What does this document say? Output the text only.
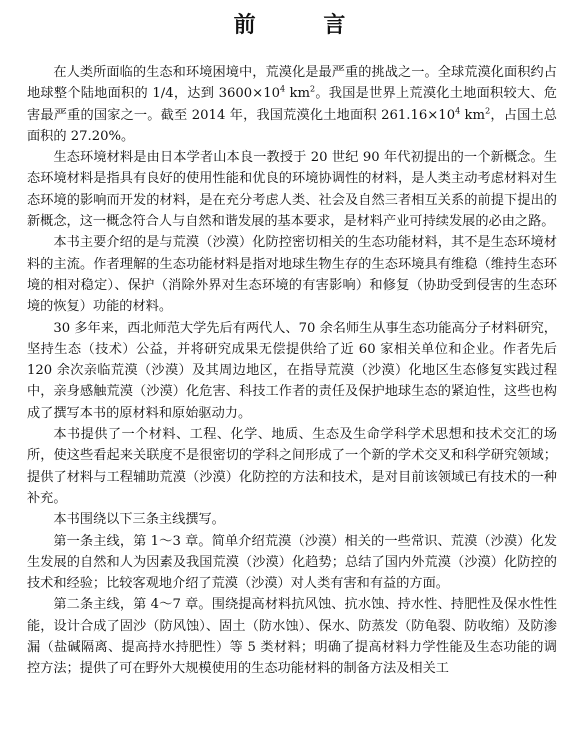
前 言

在人类所面临的生态和环境困境中，荒漠化是最严重的挑战之一。全球荒漠化面积约占地球整个陆地面积的 1/4，达到 $3600\times 10^4$ $km^2$。我国是世界上荒漠化土地面积较大、危害最严重的国家之一。截至 2014 年，我国荒漠化土地面积 $261.16\times 10^4$ $km^2$，占国土总面积的 27.20%。

生态环境材料是由日本学者山本良一教授于 20 世纪 90 年代初提出的一个新概念。生态环境材料是指具有良好的使用性能和优良的环境协调性的材料，是人类主动考虑材料对生态环境的影响而开发的材料，是在充分考虑人类、社会及自然三者相互关系的前提下提出的新概念，这一概念符合人与自然和谐发展的基本要求，是材料产业可持续发展的必由之路。

本书主要介绍的是与荒漠（沙漠）化防控密切相关的生态功能材料，其不是生态环境材料的主流。作者理解的生态功能材料是指对地球生物生存的生态环境具有维稳（维持生态环境的相对稳定）、保护（消除外界对生态环境的有害影响）和修复（协助受到侵害的生态环境的恢复）功能的材料。

30 多年来，西北师范大学先后有两代人、70 余名师生从事生态功能高分子材料研究，坚持生态（技术）公益，并将研究成果无偿提供给了近 60 家相关单位和企业。作者先后 120 余次亲临荒漠（沙漠）及其周边地区，在指导荒漠（沙漠）化地区生态修复实践过程中，亲身感触荒漠（沙漠）化危害、科技工作者的责任及保护地球生态的紧迫性，这些也构成了撰写本书的原材料和原始驱动力。

本书提供了一个材料、工程、化学、地质、生态及生命学科学术思想和技术交汇的场所，使这些看起来关联度不是很密切的学科之间形成了一个新的学术交叉和科学研究领域；提供了材料与工程辅助荒漠（沙漠）化防控的方法和技术，是对目前该领域已有技术的一种补充。

本书围绕以下三条主线撰写。

第一条主线，第 1～3 章。简单介绍荒漠（沙漠）相关的一些常识、荒漠（沙漠）化发生发展的自然和人为因素及我国荒漠（沙漠）化趋势；总结了国内外荒漠（沙漠）化防控的技术和经验；比较客观地介绍了荒漠（沙漠）对人类有害和有益的方面。

第二条主线，第 4～7 章。围绕提高材料抗风蚀、抗水蚀、持水性、持肥性及保水性性能，设计合成了固沙（防风蚀）、固土（防水蚀）、保水、防蒸发（防龟裂、防收缩）及防渗漏（盐碱隔离、提高持水持肥性）等 5 类材料；明确了提高材料力学性能及生态功能的调控方法；提供了可在野外大规模使用的生态功能材料的制备方法及相关工
